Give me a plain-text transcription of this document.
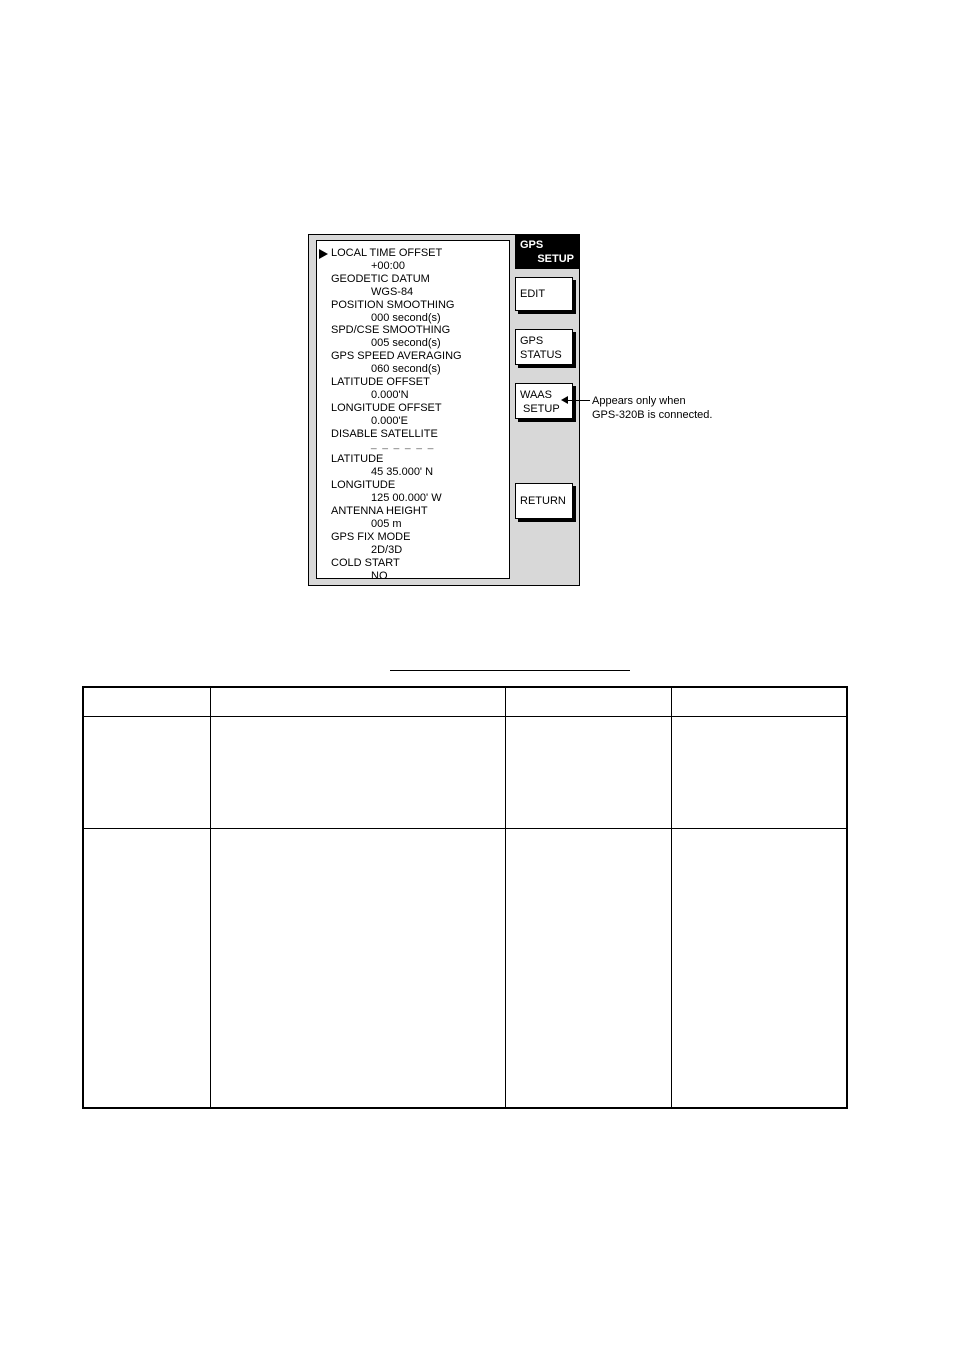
LOCAL TIME OFFSET
+00:00
GEODETIC DATUM
WGS-84
POSITION SMOOTHING
000 second(s)
SPD/CSE SMOOTHING
005 second(s)
GPS SPEED AVERAGING
060 second(s)
LATITUDE OFFSET
0.000'N
LONGITUDE OFFSET
0.000'E
DISABLE SATELLITE
_ _ _ _ _ _
LATITUDE
45 35.000' N
LONGITUDE
125 00.000' W
ANTENNA HEIGHT
005 m
GPS FIX MODE
2D/3D
COLD START
NO
GPS
SETUP
EDIT
GPS
STATUS
WAAS
SETUP
RETURN
Appears only when
GPS-320B is connected.
